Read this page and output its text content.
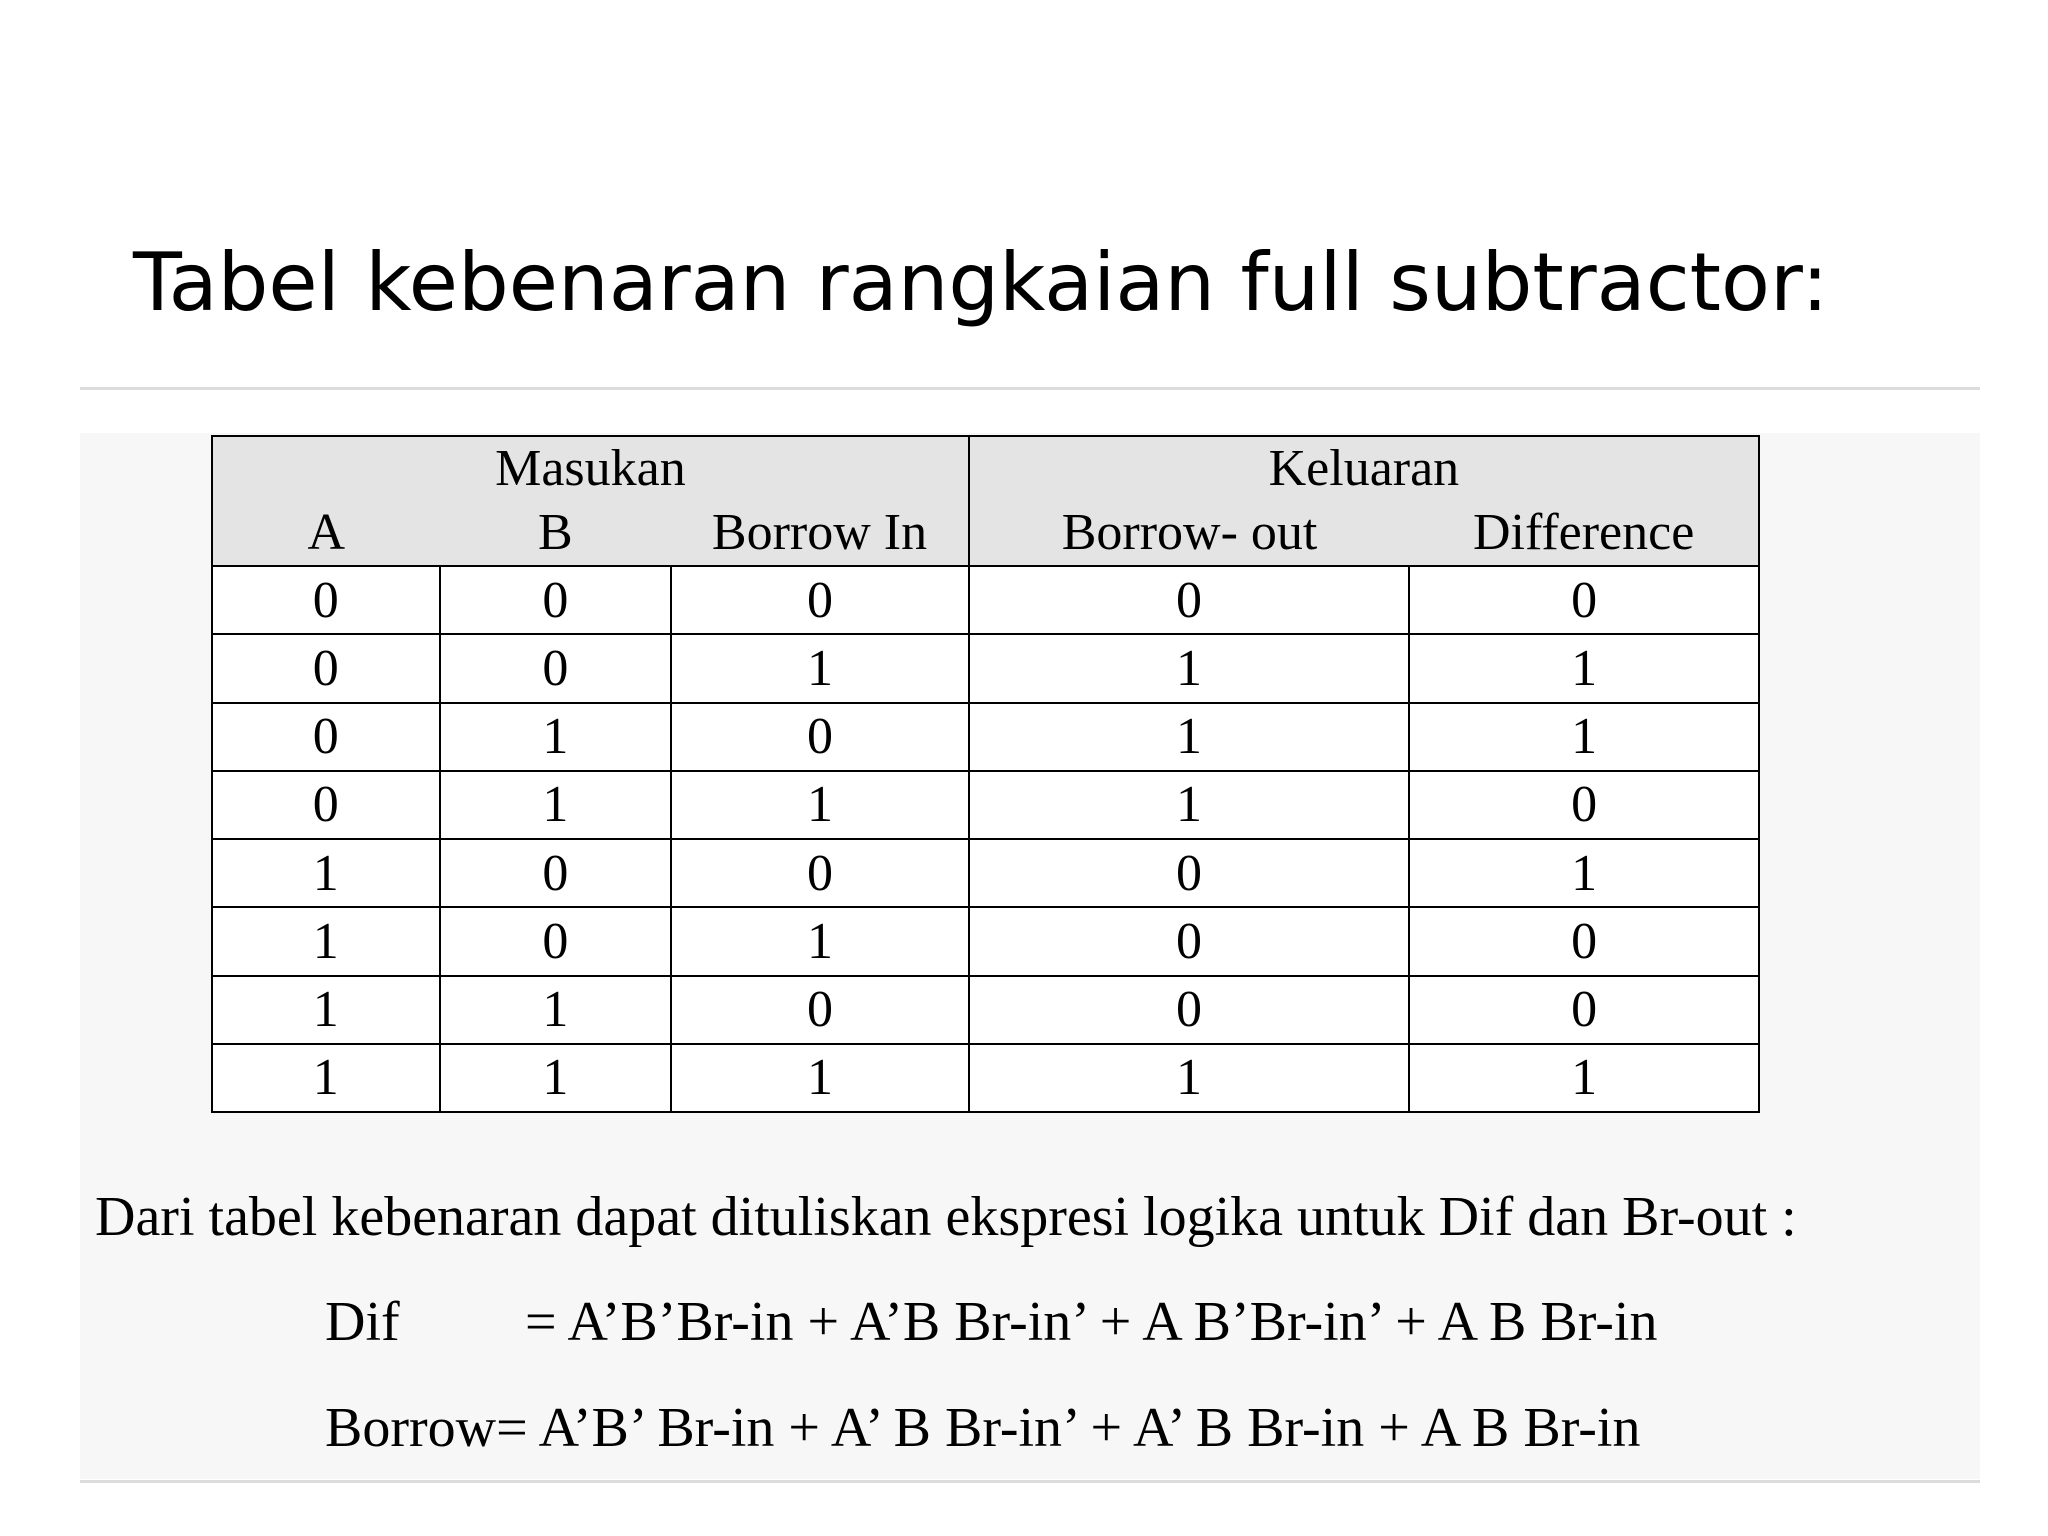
Tabel kebenaran rangkaian full subtractor:
Masukan			Keluaran	
A	B	Borrow In	Borrow- out	Difference
0	0	0	0	0
0	0	1	1	1
0	1	0	1	1
0	1	1	1	0
1	0	0	0	1
1	0	1	0	0
1	1	0	0	0
1	1	1	1	1
Dari tabel kebenaran dapat dituliskan ekspresi logika untuk Dif dan Br-out :
Dif = A’B’Br-in + A’B Br-in’ + A B’Br-in’ + A B Br-in
Borrow= A’B’ Br-in + A’ B Br-in’ + A’ B Br-in + A B Br-in
